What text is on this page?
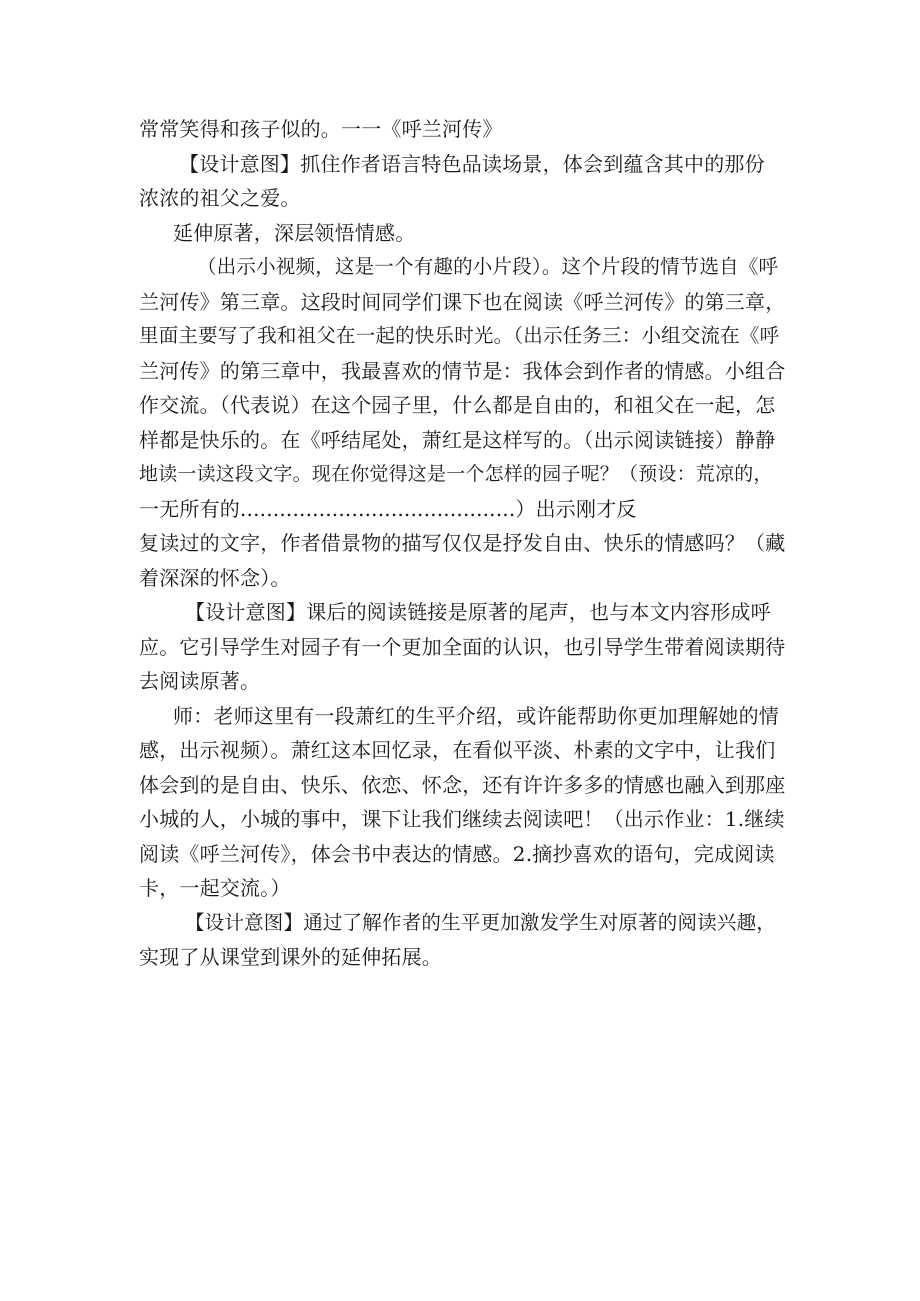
常常笑得和孩子似的。一一《呼兰河传》
【设计意图】抓住作者语言特色品读场景，体会到蕴含其中的那份
浓浓的祖父之爱。
延伸原著，深层领悟情感。
（出示小视频，这是一个有趣的小片段）。这个片段的情节选自《呼
兰河传》第三章。这段时间同学们课下也在阅读《呼兰河传》的第三章，
里面主要写了我和祖父在一起的快乐时光。（出示任务三：小组交流在《呼
兰河传》的第三章中，我最喜欢的情节是：我体会到作者的情感。小组合
作交流。（代表说）在这个园子里，什么都是自由的，和祖父在一起，怎
样都是快乐的。在《呼结尾处，萧红是这样写的。（出示阅读链接）静静
地读一读这段文字。现在你觉得这是一个怎样的园子呢？（预设：荒凉的，
一无所有的..........................................）出示刚才反
复读过的文字，作者借景物的描写仅仅是抒发自由、快乐的情感吗？（藏
着深深的怀念）。
【设计意图】课后的阅读链接是原著的尾声，也与本文内容形成呼
应。它引导学生对园子有一个更加全面的认识，也引导学生带着阅读期待
去阅读原著。
师：老师这里有一段萧红的生平介绍，或许能帮助你更加理解她的情
感，出示视频）。萧红这本回忆录，在看似平淡、朴素的文字中，让我们
体会到的是自由、快乐、依恋、怀念，还有许许多多的情感也融入到那座
小城的人，小城的事中，课下让我们继续去阅读吧！（出示作业：1.继续
阅读《呼兰河传》，体会书中表达的情感。2.摘抄喜欢的语句，完成阅读
卡，一起交流。）
【设计意图】通过了解作者的生平更加激发学生对原著的阅读兴趣，
实现了从课堂到课外的延伸拓展。
